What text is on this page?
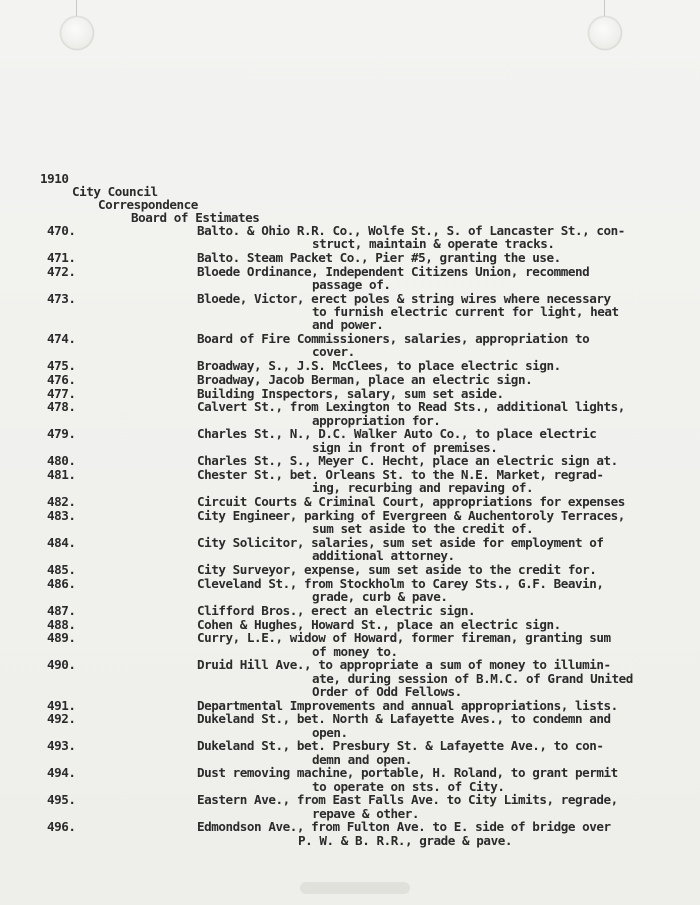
1910
City Council
Correspondence
Board of Estimates
470.	Balto. & Ohio R.R. Co., Wolfe St., S. of Lancaster St., con-
struct, maintain & operate tracks.
471.	Balto. Steam Packet Co., Pier #5, granting the use.
472.	Bloede Ordinance, Independent Citizens Union, recommend
passage of.
473.	Bloede, Victor, erect poles & string wires where necessary
to furnish electric current for light, heat
and power.
474.	Board of Fire Commissioners, salaries, appropriation to
cover.
475.	Broadway, S., J.S. McClees, to place electric sign.
476.	Broadway, Jacob Berman, place an electric sign.
477.	Building Inspectors, salary, sum set aside.
478.	Calvert St., from Lexington to Read Sts., additional lights,
appropriation for.
479.	Charles St., N., D.C. Walker Auto Co., to place electric
sign in front of premises.
480.	Charles St., S., Meyer C. Hecht, place an electric sign at.
481.	Chester St., bet. Orleans St. to the N.E. Market, regrad-
ing, recurbing and repaving of.
482.	Circuit Courts & Criminal Court, appropriations for expenses
483.	City Engineer, parking of Evergreen & Auchentoroly Terraces,
sum set aside to the credit of.
484.	City Solicitor, salaries, sum set aside for employment of
additional attorney.
485.	City Surveyor, expense, sum set aside to the credit for.
486.	Cleveland St., from Stockholm to Carey Sts., G.F. Beavin,
grade, curb & pave.
487.	Clifford Bros., erect an electric sign.
488.	Cohen & Hughes, Howard St., place an electric sign.
489.	Curry, L.E., widow of Howard, former fireman, granting sum
of money to.
490.	Druid Hill Ave., to appropriate a sum of money to illumin-
ate, during session of B.M.C. of Grand United
Order of Odd Fellows.
491.	Departmental Improvements and annual appropriations, lists.
492.	Dukeland St., bet. North & Lafayette Aves., to condemn and
open.
493.	Dukeland St., bet. Presbury St. & Lafayette Ave., to con-
demn and open.
494.	Dust removing machine, portable, H. Roland, to grant permit
to operate on sts. of City.
495.	Eastern Ave., from East Falls Ave. to City Limits, regrade,
repave & other.
496.	Edmondson Ave., from Fulton Ave. to E. side of bridge over
P. W. & B. R.R., grade & pave.
